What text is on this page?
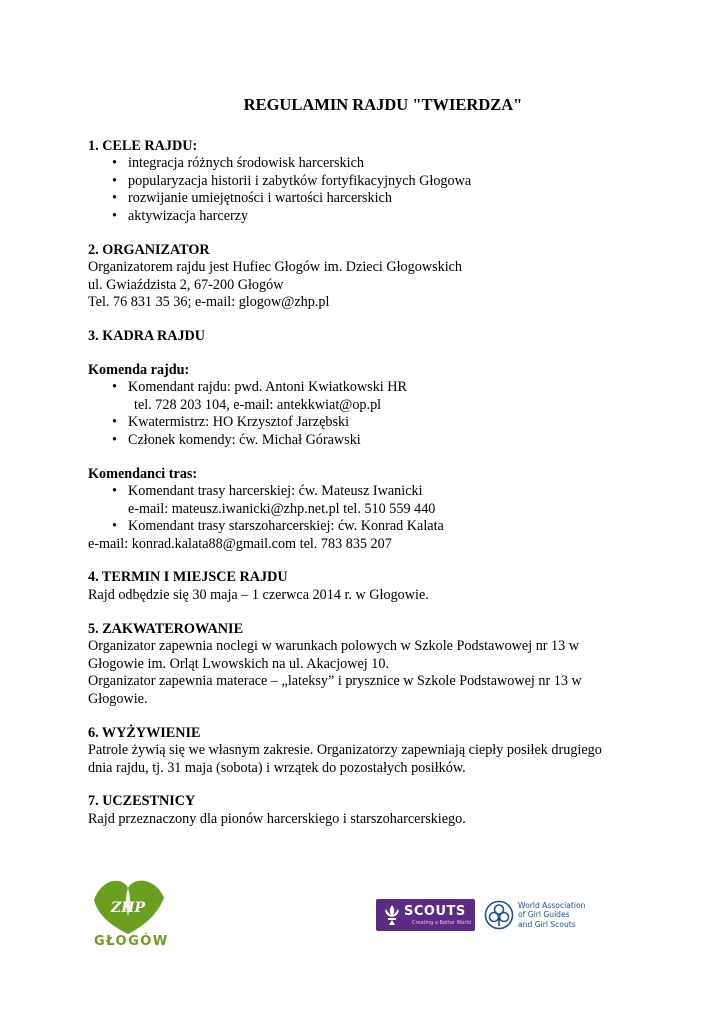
REGULAMIN RAJDU "TWIERDZA"
1. CELE RAJDU:
• integracja różnych środowisk harcerskich
• popularyzacja historii i zabytków fortyfikacyjnych Głogowa
• rozwijanie umiejętności i wartości harcerskich
• aktywizacja harcerzy
2. ORGANIZATOR
Organizatorem rajdu jest Hufiec Głogów im. Dzieci Głogowskich
ul. Gwiaździsta 2, 67-200 Głogów
Tel. 76 831 35 36; e-mail: glogow@zhp.pl
3. KADRA RAJDU
Komenda rajdu:
• Komendant rajdu: pwd. Antoni Kwiatkowski HR
tel. 728 203 104, e-mail: antekkwiat@op.pl
• Kwatermistrz: HO Krzysztof Jarzębski
• Członek komendy: ćw. Michał Górawski
Komendanci tras:
• Komendant trasy harcerskiej: ćw. Mateusz Iwanicki
e-mail: mateusz.iwanicki@zhp.net.pl tel. 510 559 440
• Komendant trasy starszoharcerskiej: ćw. Konrad Kalata
e-mail: konrad.kalata88@gmail.com tel. 783 835 207
4. TERMIN I MIEJSCE RAJDU
Rajd odbędzie się 30 maja – 1 czerwca 2014 r. w Głogowie.
5. ZAKWATEROWANIE
Organizator zapewnia noclegi w warunkach polowych w Szkole Podstawowej nr 13 w
Głogowie im. Orląt Lwowskich na ul. Akacjowej 10.
Organizator zapewnia materace – „lateksy” i prysznice w Szkole Podstawowej nr 13 w
Głogowie.
6. WYŻYWIENIE
Patrole żywią się we własnym zakresie. Organizatorzy zapewniają ciepły posiłek drugiego
dnia rajdu, tj. 31 maja (sobota) i wrzątek do pozostałych posiłków.
7. UCZESTNICY
Rajd przeznaczony dla pionów harcerskiego i starszoharcerskiego.
ZHP
GŁOGÓW
SCOUTS
Creating a Better World
World Association
of Girl Guides
and Girl Scouts
